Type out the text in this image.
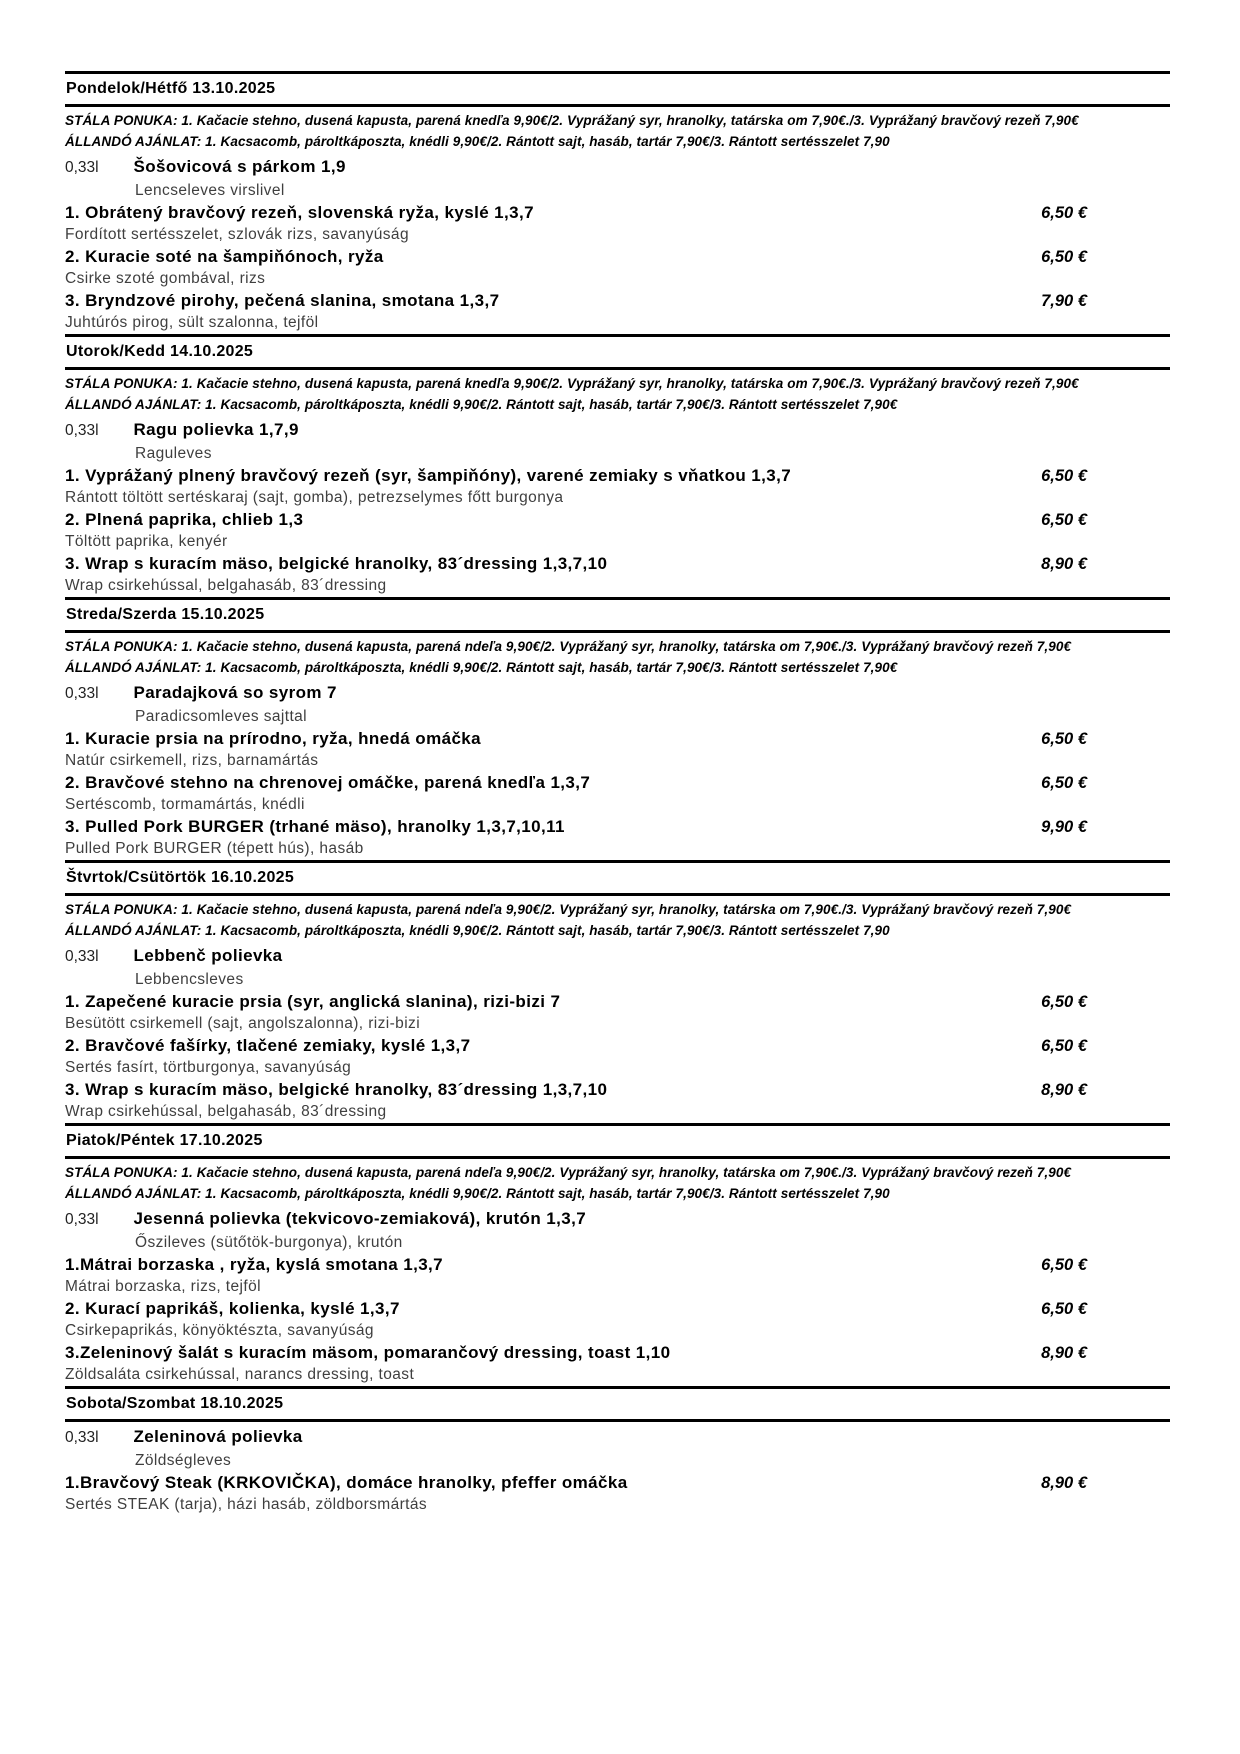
Pondelok/Hétfő 13.10.2025
STÁLA PONUKA: 1. Kačacie stehno, dusená kapusta, parená knedľa 9,90€/2. Vyprážaný syr, hranolky, tatárska om 7,90€./3. Vyprážaný bravčový rezeň 7,90€
ÁLLANDÓ AJÁNLAT: 1. Kacsacomb, pároltkáposzta, knédli 9,90€/2. Rántott sajt, hasáb, tartár 7,90€/3. Rántott sertésszelet 7,90
0,33l Šošovicová s párkom 1,9
Lencseleves virslivel
1. Obrátený bravčový rezeň, slovenská ryža, kyslé 1,3,7	6,50 €
Fordított sertésszelet, szlovák rizs, savanyúság
2. Kuracie soté na šampiňónoch, ryža	6,50 €
Csirke szoté gombával, rizs
3. Bryndzové pirohy, pečená slanina, smotana 1,3,7	7,90 €
Juhtúrós pirog, sült szalonna, tejföl
Utorok/Kedd 14.10.2025
STÁLA PONUKA: 1. Kačacie stehno, dusená kapusta, parená knedľa 9,90€/2. Vyprážaný syr, hranolky, tatárska om 7,90€./3. Vyprážaný bravčový rezeň 7,90€
ÁLLANDÓ AJÁNLAT: 1. Kacsacomb, pároltkáposzta, knédli 9,90€/2. Rántott sajt, hasáb, tartár 7,90€/3. Rántott sertésszelet 7,90€
0,33l Ragu polievka 1,7,9
Raguleves
1. Vyprážaný plnený bravčový rezeň (syr, šampiňóny), varené zemiaky s vňatkou 1,3,7	6,50 €
Rántott töltött sertéskaraj (sajt, gomba), petrezselymes főtt burgonya
2. Plnená paprika, chlieb 1,3	6,50 €
Töltött paprika, kenyér
3. Wrap s kuracím mäso, belgické hranolky, 83´dressing 1,3,7,10	8,90 €
Wrap csirkehússal, belgahasáb, 83´dressing
Streda/Szerda 15.10.2025
STÁLA PONUKA: 1. Kačacie stehno, dusená kapusta, parená ndeľa 9,90€/2. Vyprážaný syr, hranolky, tatárska om 7,90€./3. Vyprážaný bravčový rezeň 7,90€
ÁLLANDÓ AJÁNLAT: 1. Kacsacomb, pároltkáposzta, knédli 9,90€/2. Rántott sajt, hasáb, tartár 7,90€/3. Rántott sertésszelet 7,90€
0,33l Paradajková so syrom 7
Paradicsomleves sajttal
1. Kuracie prsia na prírodno, ryža, hnedá omáčka	6,50 €
Natúr csirkemell, rizs, barnamártás
2. Bravčové stehno na chrenovej omáčke, parená knedľa 1,3,7	6,50 €
Sertéscomb, tormamártás, knédli
3. Pulled Pork BURGER (trhané mäso), hranolky 1,3,7,10,11	9,90 €
Pulled Pork BURGER (tépett hús), hasáb
Štvrtok/Csütörtök 16.10.2025
STÁLA PONUKA: 1. Kačacie stehno, dusená kapusta, parená ndeľa 9,90€/2. Vyprážaný syr, hranolky, tatárska om 7,90€./3. Vyprážaný bravčový rezeň 7,90€
ÁLLANDÓ AJÁNLAT: 1. Kacsacomb, pároltkáposzta, knédli 9,90€/2. Rántott sajt, hasáb, tartár 7,90€/3. Rántott sertésszelet 7,90
0,33l Lebbenč polievka
Lebbencsleves
1. Zapečené kuracie prsia (syr, anglická slanina), rizi-bizi 7	6,50 €
Besütött csirkemell (sajt, angolszalonna), rizi-bizi
2. Bravčové fašírky, tlačené zemiaky, kyslé 1,3,7	6,50 €
Sertés fasírt, törtburgonya, savanyúság
3. Wrap s kuracím mäso, belgické hranolky, 83´dressing 1,3,7,10	8,90 €
Wrap csirkehússal, belgahasáb, 83´dressing
Piatok/Péntek 17.10.2025
STÁLA PONUKA: 1. Kačacie stehno, dusená kapusta, parená ndeľa 9,90€/2. Vyprážaný syr, hranolky, tatárska om 7,90€./3. Vyprážaný bravčový rezeň 7,90€
ÁLLANDÓ AJÁNLAT: 1. Kacsacomb, pároltkáposzta, knédli 9,90€/2. Rántott sajt, hasáb, tartár 7,90€/3. Rántott sertésszelet 7,90
0,33l Jesenná polievka (tekvicovo-zemiaková), krutón 1,3,7
Őszileves (sütőtök-burgonya), krutón
1.Mátrai borzaska , ryža, kyslá smotana 1,3,7	6,50 €
Mátrai borzaska, rizs, tejföl
2. Kurací paprikáš, kolienka, kyslé 1,3,7	6,50 €
Csirkepaprikás, könyöktészta, savanyúság
3.Zeleninový šalát s kuracím mäsom, pomarančový dressing, toast 1,10	8,90 €
Zöldsaláta csirkehússal, narancs dressing, toast
Sobota/Szombat 18.10.2025
0,33l Zeleninová polievka
Zöldségleves
1.Bravčový Steak (KRKOVIČKA), domáce hranolky, pfeffer omáčka	8,90 €
Sertés STEAK (tarja), házi hasáb, zöldborsmártás
